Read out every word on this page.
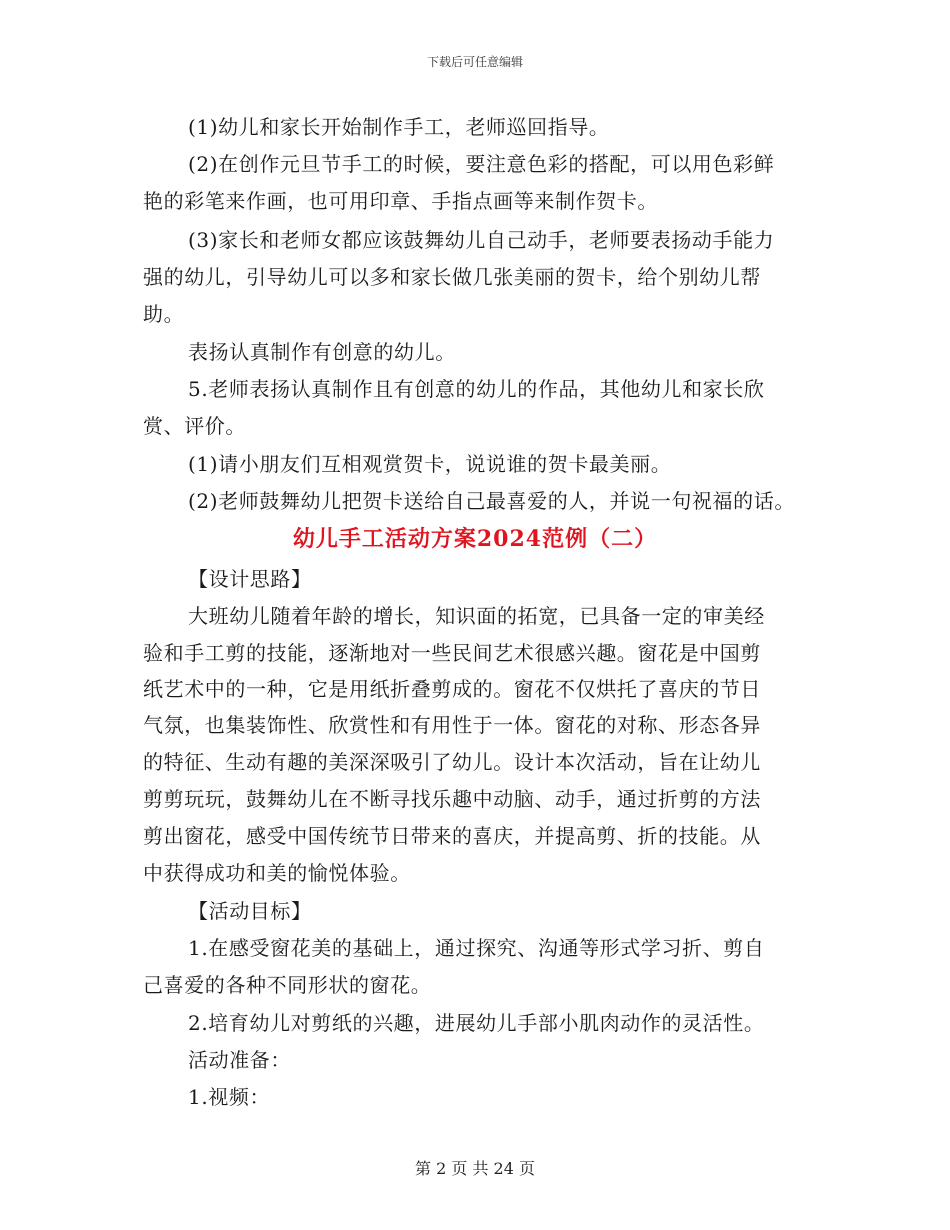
下载后可任意编辑
(1)幼儿和家长开始制作手工，老师巡回指导。
(2)在创作元旦节手工的时候，要注意色彩的搭配，可以用色彩鲜
艳的彩笔来作画，也可用印章、手指点画等来制作贺卡。
(3)家长和老师女都应该鼓舞幼儿自己动手，老师要表扬动手能力
强的幼儿，引导幼儿可以多和家长做几张美丽的贺卡，给个别幼儿帮
助。
表扬认真制作有创意的幼儿。
5.老师表扬认真制作且有创意的幼儿的作品，其他幼儿和家长欣
赏、评价。
(1)请小朋友们互相观赏贺卡，说说谁的贺卡最美丽。
(2)老师鼓舞幼儿把贺卡送给自己最喜爱的人，并说一句祝福的话。
幼儿手工活动方案2024范例（二）
【设计思路】
大班幼儿随着年龄的增长，知识面的拓宽，已具备一定的审美经
验和手工剪的技能，逐渐地对一些民间艺术很感兴趣。窗花是中国剪
纸艺术中的一种，它是用纸折叠剪成的。窗花不仅烘托了喜庆的节日
气氛，也集装饰性、欣赏性和有用性于一体。窗花的对称、形态各异
的特征、生动有趣的美深深吸引了幼儿。设计本次活动，旨在让幼儿
剪剪玩玩，鼓舞幼儿在不断寻找乐趣中动脑、动手，通过折剪的方法
剪出窗花，感受中国传统节日带来的喜庆，并提高剪、折的技能。从
中获得成功和美的愉悦体验。
【活动目标】
1.在感受窗花美的基础上，通过探究、沟通等形式学习折、剪自
己喜爱的各种不同形状的窗花。
2.培育幼儿对剪纸的兴趣，进展幼儿手部小肌肉动作的灵活性。
活动准备：
1.视频：
第 2 页 共 24 页
